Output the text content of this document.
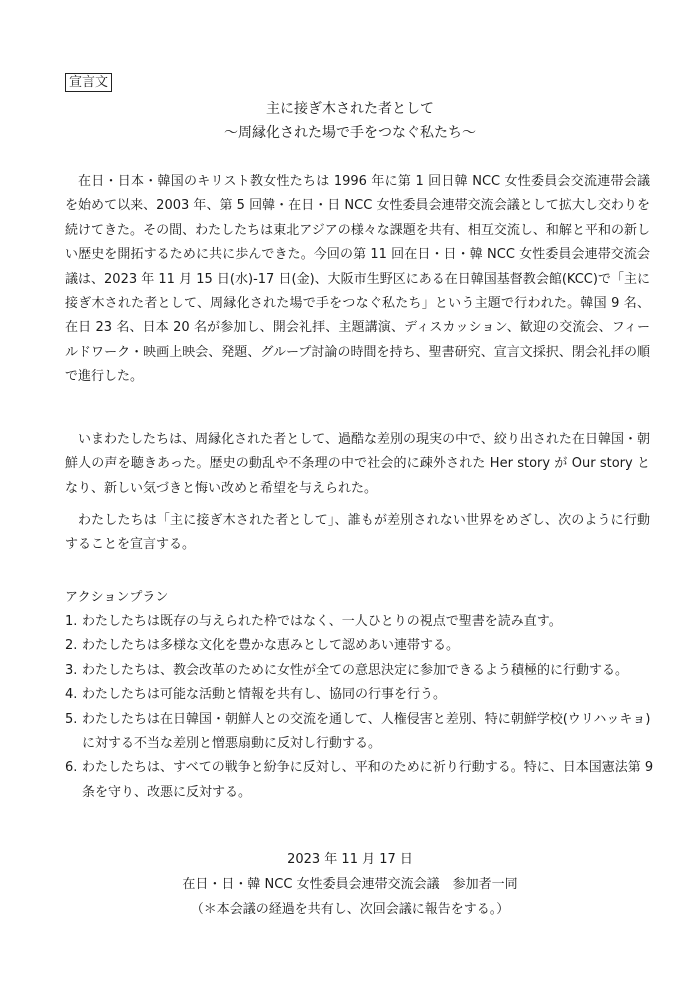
宣言文
主に接ぎ木された者として
～周縁化された場で手をつなぐ私たち～

在日・日本・韓国のキリスト教女性たちは 1996 年に第 1 回日韓 NCC 女性委員会交流連帯会議を始めて以来、2003 年、第 5 回韓・在日・日 NCC 女性委員会連帯交流会議として拡大し交わりを続けてきた。その間、わたしたちは東北アジアの様々な課題を共有、相互交流し、和解と平和の新しい歴史を開拓するために共に歩んできた。今回の第 11 回在日・日・韓 NCC 女性委員会連帯交流会議は、2023 年 11 月 15 日(水)-17 日(金)、大阪市生野区にある在日韓国基督教会館(KCC)で「主に接ぎ木された者として、周縁化された場で手をつなぐ私たち」という主題で行われた。韓国 9 名、在日 23 名、日本 20 名が参加し、開会礼拝、主題講演、ディスカッション、歓迎の交流会、フィールドワーク・映画上映会、発題、グループ討論の時間を持ち、聖書研究、宣言文採択、閉会礼拝の順で進行した。

いまわたしたちは、周縁化された者として、過酷な差別の現実の中で、絞り出された在日韓国・朝鮮人の声を聴きあった。歴史の動乱や不条理の中で社会的に疎外された Her story が Our story となり、新しい気づきと悔い改めと希望を与えられた。

わたしたちは「主に接ぎ木された者として」、誰もが差別されない世界をめざし、次のように行動することを宣言する。

アクションプラン
1. わたしたちは既存の与えられた枠ではなく、一人ひとりの視点で聖書を読み直す。
2. わたしたちは多様な文化を豊かな恵みとして認めあい連帯する。
3. わたしたちは、教会改革のために女性が全ての意思決定に参加できるよう積極的に行動する。
4. わたしたちは可能な活動と情報を共有し、協同の行事を行う。
5. わたしたちは在日韓国・朝鮮人との交流を通して、人権侵害と差別、特に朝鮮学校(ウリハッキョ)に対する不当な差別と憎悪扇動に反対し行動する。
6. わたしたちは、すべての戦争と紛争に反対し、平和のために祈り行動する。特に、日本国憲法第 9 条を守り、改悪に反対する。
2023 年 11 月 17 日
在日・日・韓 NCC 女性委員会連帯交流会議　参加者一同
（＊本会議の経過を共有し、次回会議に報告をする。）
